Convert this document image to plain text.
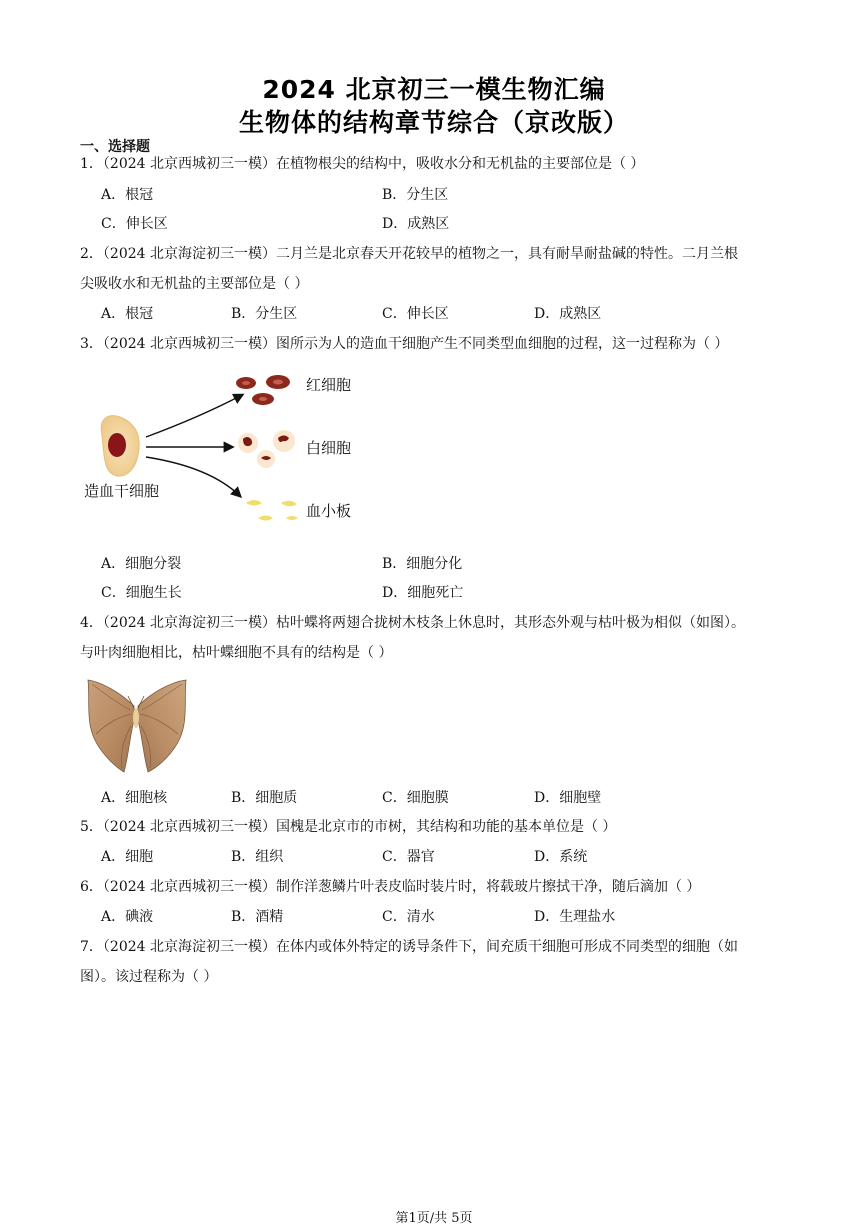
2024 北京初三一模生物汇编
生物体的结构章节综合（京改版）
一、选择题
1．（2024 北京西城初三一模）在植物根尖的结构中，吸收水分和无机盐的主要部位是（ ）
A．根冠	B．分生区
C．伸长区	D．成熟区
2．（2024 北京海淀初三一模）二月兰是北京春天开花较早的植物之一，具有耐旱耐盐碱的特性。二月兰根
尖吸收水和无机盐的主要部位是（ ）
A．根冠	B．分生区	C．伸长区	D．成熟区
3．（2024 北京西城初三一模）图所示为人的造血干细胞产生不同类型血细胞的过程，这一过程称为（ ）
造血干细胞
红细胞
白细胞
血小板
A．细胞分裂	B．细胞分化
C．细胞生长	D．细胞死亡
4．（2024 北京海淀初三一模）枯叶蝶将两翅合拢树木枝条上休息时，其形态外观与枯叶极为相似（如图）。
与叶肉细胞相比，枯叶蝶细胞不具有的结构是（ ）
A．细胞核	B．细胞质	C．细胞膜	D．细胞壁
5．（2024 北京西城初三一模）国槐是北京市的市树，其结构和功能的基本单位是（ ）
A．细胞	B．组织	C．器官	D．系统
6．（2024 北京西城初三一模）制作洋葱鳞片叶表皮临时装片时，将载玻片擦拭干净，随后滴加（ ）
A．碘液	B．酒精	C．清水	D．生理盐水
7．（2024 北京海淀初三一模）在体内或体外特定的诱导条件下，间充质干细胞可形成不同类型的细胞（如
图）。该过程称为（ ）
第1页/共 5页
